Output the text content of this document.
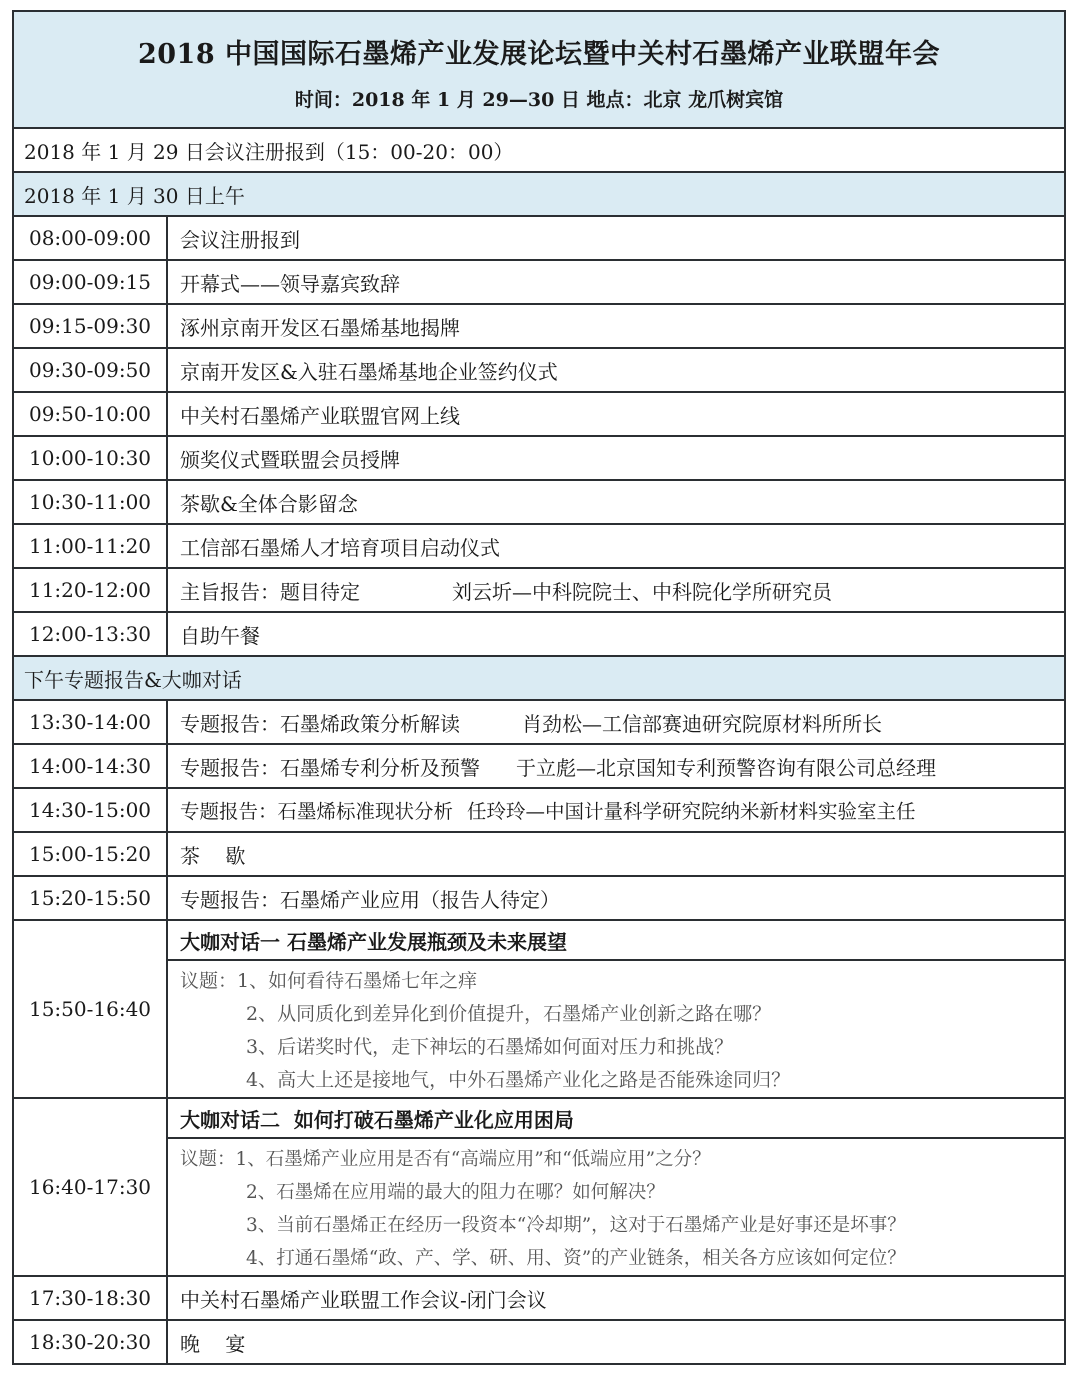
2018 中国国际石墨烯产业发展论坛暨中关村石墨烯产业联盟年会
时间：2018 年 1 月 29—30 日 地点：北京 龙爪树宾馆
2018 年 1 月 29 日会议注册报到（15：00-20：00）
2018 年 1 月 30 日上午
08:00-09:00	会议注册报到
09:00-09:15	开幕式——领导嘉宾致辞
09:15-09:30	涿州京南开发区石墨烯基地揭牌
09:30-09:50	京南开发区&入驻石墨烯基地企业签约仪式
09:50-10:00	中关村石墨烯产业联盟官网上线
10:00-10:30	颁奖仪式暨联盟会员授牌
10:30-11:00	茶歇&全体合影留念
11:00-11:20	工信部石墨烯人才培育项目启动仪式
11:20-12:00	主旨报告：题目待定	刘云圻—中科院院士、中科院化学所研究员
12:00-13:30	自助午餐
下午专题报告&大咖对话
13:30-14:00	专题报告：石墨烯政策分析解读	肖劲松—工信部赛迪研究院原材料所所长
14:00-14:30	专题报告：石墨烯专利分析及预警 于立彪—北京国知专利预警咨询有限公司总经理
14:30-15:00	专题报告：石墨烯标准现状分析 任玲玲—中国计量科学研究院纳米新材料实验室主任
15:00-15:20	茶    歇
15:20-15:50	专题报告：石墨烯产业应用（报告人待定）
15:50-16:40
大咖对话一 石墨烯产业发展瓶颈及未来展望
议题：1、如何看待石墨烯七年之痒
2、从同质化到差异化到价值提升，石墨烯产业创新之路在哪？
3、后诺奖时代，走下神坛的石墨烯如何面对压力和挑战？
4、高大上还是接地气，中外石墨烯产业化之路是否能殊途同归？
16:40-17:30
大咖对话二  如何打破石墨烯产业化应用困局
议题：1、石墨烯产业应用是否有“高端应用”和“低端应用”之分？
2、石墨烯在应用端的最大的阻力在哪？如何解决？
3、当前石墨烯正在经历一段资本“冷却期”，这对于石墨烯产业是好事还是坏事？
4、打通石墨烯“政、产、学、研、用、资”的产业链条，相关各方应该如何定位？
17:30-18:30	中关村石墨烯产业联盟工作会议-闭门会议
18:30-20:30	晚    宴
